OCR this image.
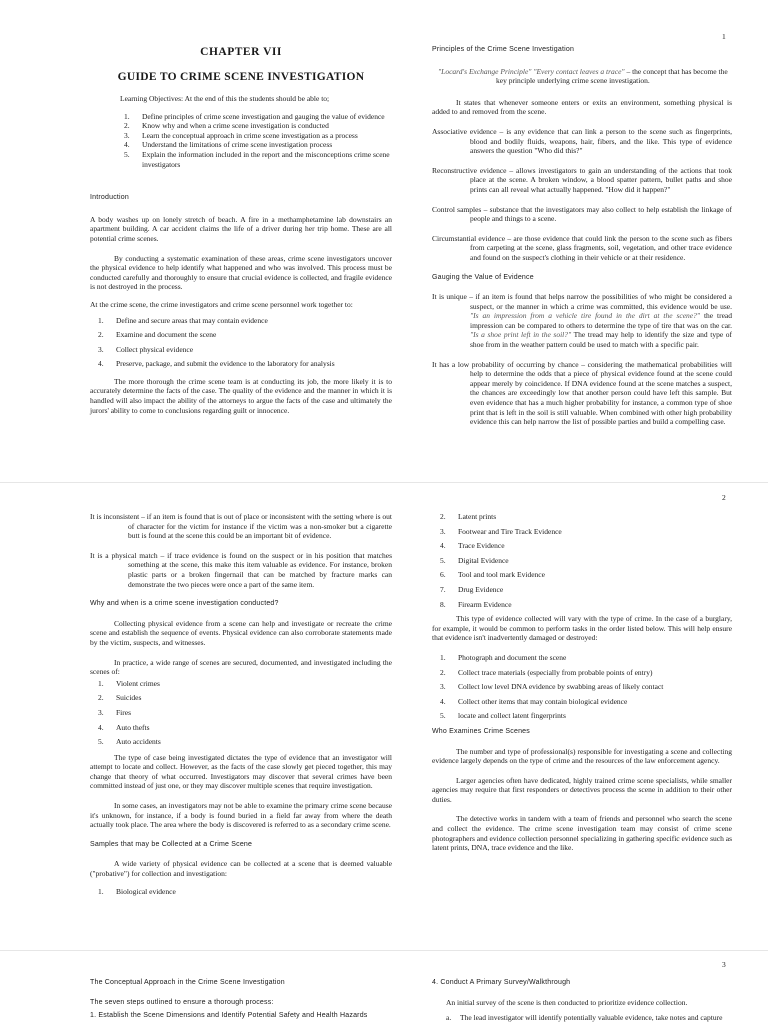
1

CHAPTER VII

GUIDE TO CRIME SCENE INVESTIGATION

Learning Objectives: At the end of this the students should be able to;

1. Define principles of crime scene investigation and gauging the value of evidence
2. Know why and when a crime scene investigation is conducted
3. Learn the conceptual approach in crime scene investigation as a process
4. Understand the limitations of crime scene investigation process
5. Explain the information included in the report and the misconceptions crime scene investigators

Introduction

A body washes up on lonely stretch of beach. A fire in a methamphetamine lab downstairs an apartment building. A car accident claims the life of a driver during her trip home. These are all potential crime scenes.

By conducting a systematic examination of these areas, crime scene investigators uncover the physical evidence to help identify what happened and who was involved. This process must be conducted carefully and thoroughly to ensure that crucial evidence is collected, and fragile evidence is not destroyed in the process.

At the crime scene, the crime investigators and crime scene personnel work together to:

1. Define and secure areas that may contain evidence
2. Examine and document the scene
3. Collect physical evidence
4. Preserve, package, and submit the evidence to the laboratory for analysis

The more thorough the crime scene team is at conducting its job, the more likely it is to accurately determine the facts of the case. The quality of the evidence and the manner in which it is handled will also impact the ability of the attorneys to argue the facts of the case and ultimately the jurors' ability to come to conclusions regarding guilt or innocence.

Principles of the Crime Scene Investigation

"Locard's Exchange Principle" "Every contact leaves a trace" – the concept that has become the key principle underlying crime scene investigation.

It states that whenever someone enters or exits an environment, something physical is added to and removed from the scene.

Associative evidence – is any evidence that can link a person to the scene such as fingerprints, blood and bodily fluids, weapons, hair, fibers, and the like. This type of evidence answers the question "Who did this?"

Reconstructive evidence – allows investigators to gain an understanding of the actions that took place at the scene. A broken window, a blood spatter pattern, bullet paths and shoe prints can all reveal what actually happened. "How did it happen?"

Control samples – substance that the investigators may also collect to help establish the linkage of people and things to a scene.

Circumstantial evidence – are those evidence that could link the person to the scene such as fibers from carpeting at the scene, glass fragments, soil, vegetation, and other trace evidence and found on the suspect's clothing in their vehicle or at their residence.

Gauging the Value of Evidence

It is unique – if an item is found that helps narrow the possibilities of who might be considered a suspect, or the manner in which a crime was committed, this evidence would be use. "Is an impression from a vehicle tire found in the dirt at the scene?" the tread impression can be compared to others to determine the type of tire that was on the car. "Is a shoe print left in the soil?" The tread may help to identify the size and type of shoe from in the weather pattern could be used to match with a specific pair.

It has a low probability of occurring by chance – considering the mathematical probabilities will help to determine the odds that a piece of physical evidence found at the scene could appear merely by coincidence. If DNA evidence found at the scene matches a suspect, the chances are exceedingly low that another person could have left this sample. But even evidence that has a much higher probability for instance, a common type of shoe print that is left in the soil is still valuable. When combined with other high probability evidence this can help narrow the list of possible parties and build a compelling case.

2

It is inconsistent – if an item is found that is out of place or inconsistent with the setting where is out of character for the victim for instance if the victim was a non-smoker but a cigarette butt is found at the scene this could be an important bit of evidence.

It is a physical match – if trace evidence is found on the suspect or in his position that matches something at the scene, this make this item valuable as evidence. For instance, broken plastic parts or a broken fingernail that can be matched by fracture marks can demonstrate the two pieces were once a part of the same item.

Why and when is a crime scene investigation conducted?

Collecting physical evidence from a scene can help and investigate or recreate the crime scene and establish the sequence of events. Physical evidence can also corroborate statements made by the victim, suspects, and witnesses.

In practice, a wide range of scenes are secured, documented, and investigated including the scenes of:

1. Violent crimes
2. Suicides
3. Fires
4. Auto thefts
5. Auto accidents

The type of case being investigated dictates the type of evidence that an investigator will attempt to locate and collect. However, as the facts of the case slowly get pieced together, this may change that theory of what occurred. Investigators may discover that several crimes have been committed instead of just one, or they may discover multiple scenes that require investigation.

In some cases, an investigators may not be able to examine the primary crime scene because it's unknown, for instance, if a body is found buried in a field far away from where the death actually took place. The area where the body is discovered is referred to as a secondary crime scene.

Samples that may be Collected at a Crime Scene

A wide variety of physical evidence can be collected at a scene that is deemed valuable ("probative") for collection and investigation:

1. Biological evidence
2. Latent prints
3. Footwear and Tire Track Evidence
4. Trace Evidence
5. Digital Evidence
6. Tool and tool mark Evidence
7. Drug Evidence
8. Firearm Evidence

This type of evidence collected will vary with the type of crime. In the case of a burglary, for example, it would be common to perform tasks in the order listed below. This will help ensure that evidence isn't inadvertently damaged or destroyed:

1. Photograph and document the scene
2. Collect trace materials (especially from probable points of entry)
3. Collect low level DNA evidence by swabbing areas of likely contact
4. Collect other items that may contain biological evidence
5. locate and collect latent fingerprints

Who Examines Crime Scenes

The number and type of professional(s) responsible for investigating a scene and collecting evidence largely depends on the type of crime and the resources of the law enforcement agency.

Larger agencies often have dedicated, highly trained crime scene specialists, while smaller agencies may require that first responders or detectives process the scene in addition to their other duties.

The detective works in tandem with a team of friends and personnel who search the scene and collect the evidence. The crime scene investigation team may consist of crime scene photographers and evidence collection personnel specializing in gathering specific evidence such as latent prints, DNA, trace evidence and the like.

3

The Conceptual Approach in the Crime Scene Investigation

The seven steps outlined to ensure a thorough process:

1. Establish the Scene Dimensions and Identify Potential Safety and Health Hazards

4. Conduct A Primary Survey/Walkthrough

An initial survey of the scene is then conducted to prioritize evidence collection.

a. The lead investigator will identify potentially valuable evidence, take notes and capture
